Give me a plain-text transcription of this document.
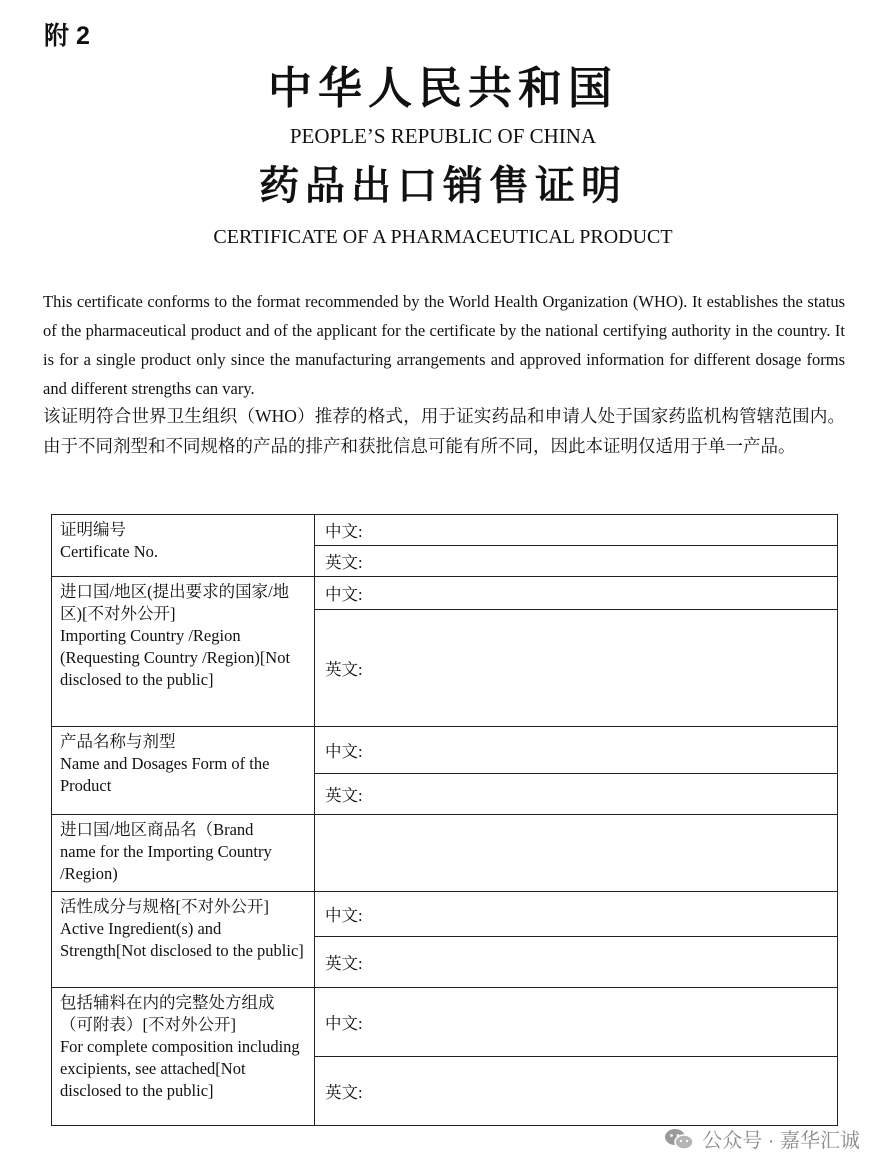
附 2
中华人民共和国
PEOPLE’S REPUBLIC OF CHINA
药品出口销售证明
CERTIFICATE OF A PHARMACEUTICAL PRODUCT
This certificate conforms to the format recommended by the World Health Organization (WHO). It establishes the status of the pharmaceutical product and of the applicant for the certificate by the national certifying authority in the country. It is for a single product only since the manufacturing arrangements and approved information for different dosage forms and different strengths can vary.
该证明符合世界卫生组织（WHO）推荐的格式，用于证实药品和申请人处于国家药监机构管辖范围内。由于不同剂型和不同规格的产品的排产和获批信息可能有所不同，因此本证明仅适用于单一产品。
证明编号
Certificate No.	中文:
	英文:

进口国/地区(提出要求的国家/地区)[不对外公开]
Importing Country /Region (Requesting Country /Region)[Not disclosed to the public]	中文:
	英文:

产品名称与剂型
Name and Dosages Form of the Product	中文:
	英文:

进口国/地区商品名（Brand
name for the Importing Country /Region)	

活性成分与规格[不对外公开]
Active Ingredient(s) and Strength[Not disclosed to the public]	中文:
	英文:

包括辅料在内的完整处方组成（可附表）[不对外公开]
For complete composition including excipients, see attached[Not disclosed to the public]	中文:
	英文:
公众号 · 嘉华汇诚
